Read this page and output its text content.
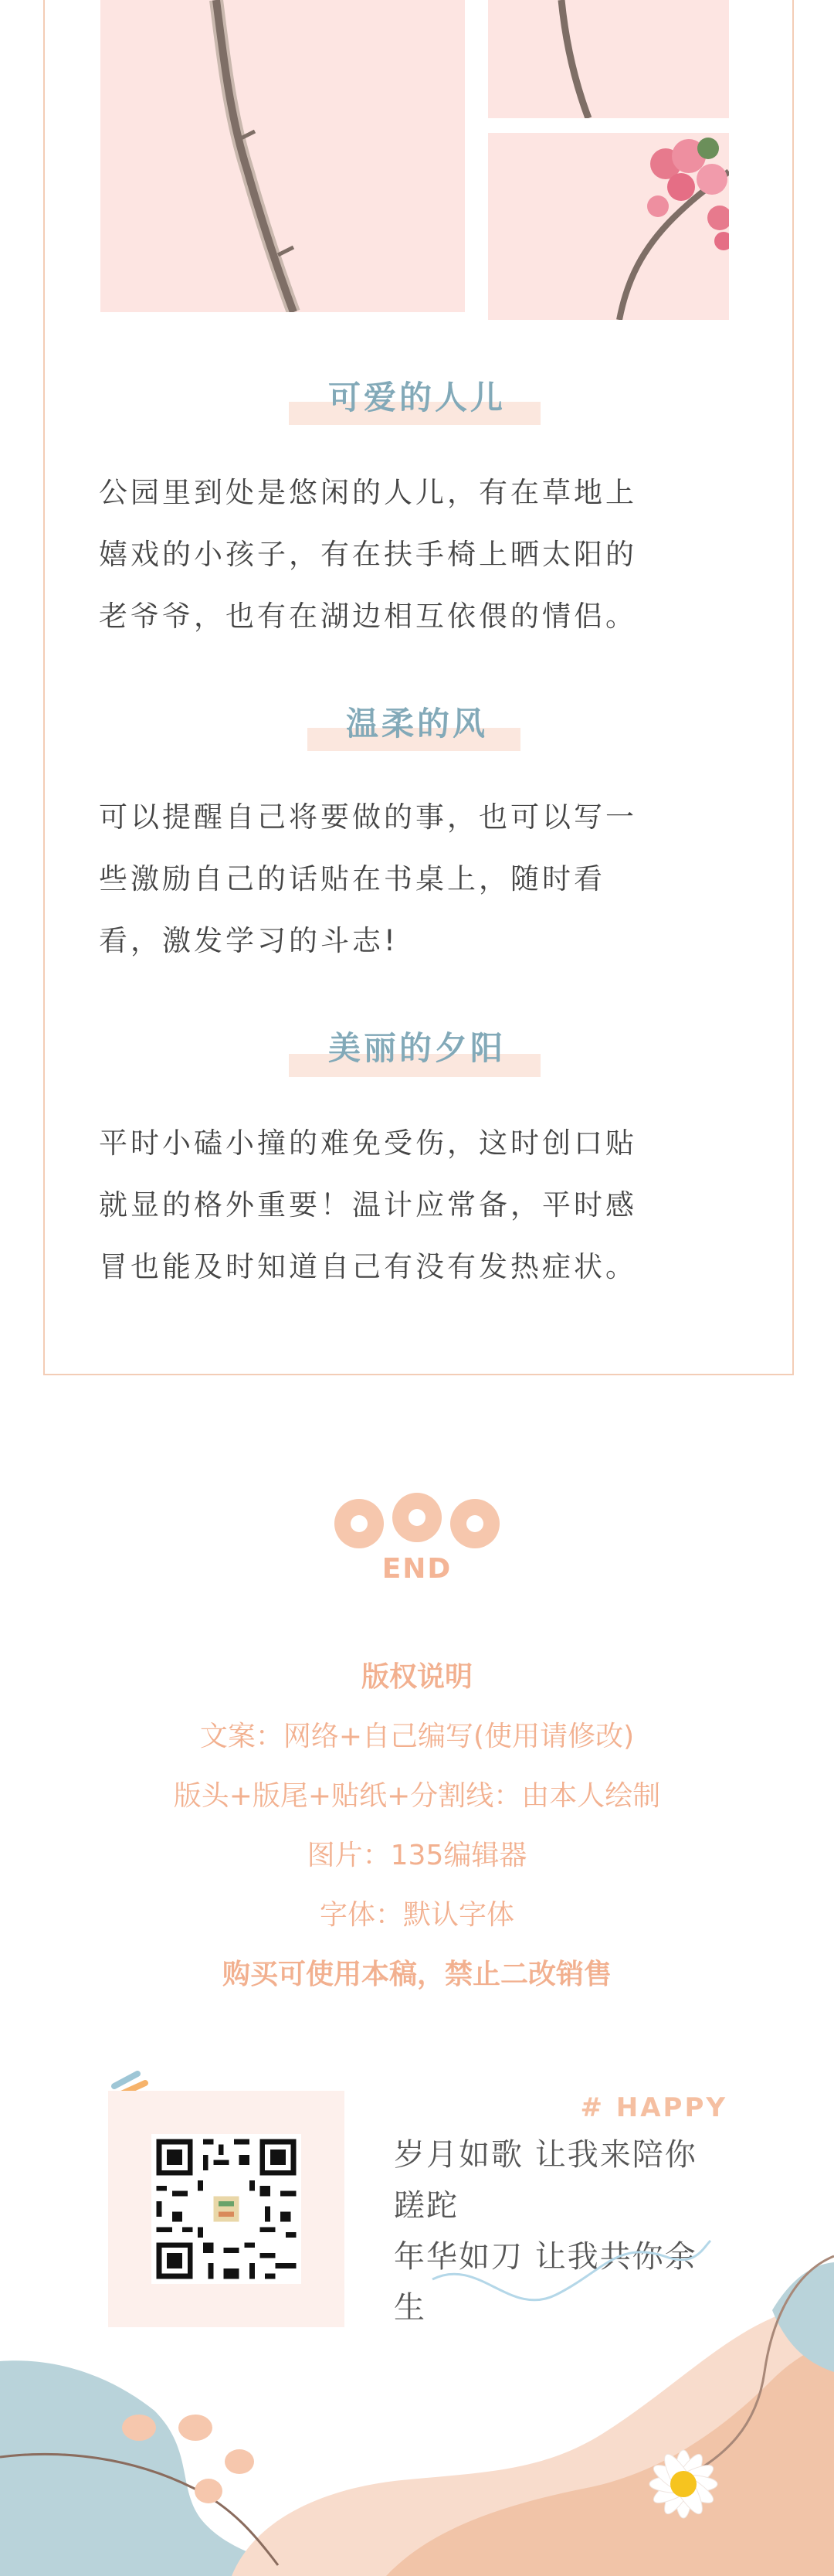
可爱的人儿
公园里到处是悠闲的人儿，有在草地上
嬉戏的小孩子，有在扶手椅上晒太阳的
老爷爷，也有在湖边相互依偎的情侣。
温柔的风
可以提醒自己将要做的事，也可以写一
些激励自己的话贴在书桌上，随时看
看，激发学习的斗志!
美丽的夕阳
平时小磕小撞的难免受伤，这时创口贴
就显的格外重要！温计应常备，平时感
冒也能及时知道自己有没有发热症状。
END
版权说明
文案：网络+自己编写(使用请修改)
版头+版尾+贴纸+分割线：由本人绘制
图片：135编辑器
字体：默认字体
购买可使用本稿，禁止二改销售
# HAPPY
岁月如歌 让我来陪你
蹉跎
年华如刀 让我共你余
生
